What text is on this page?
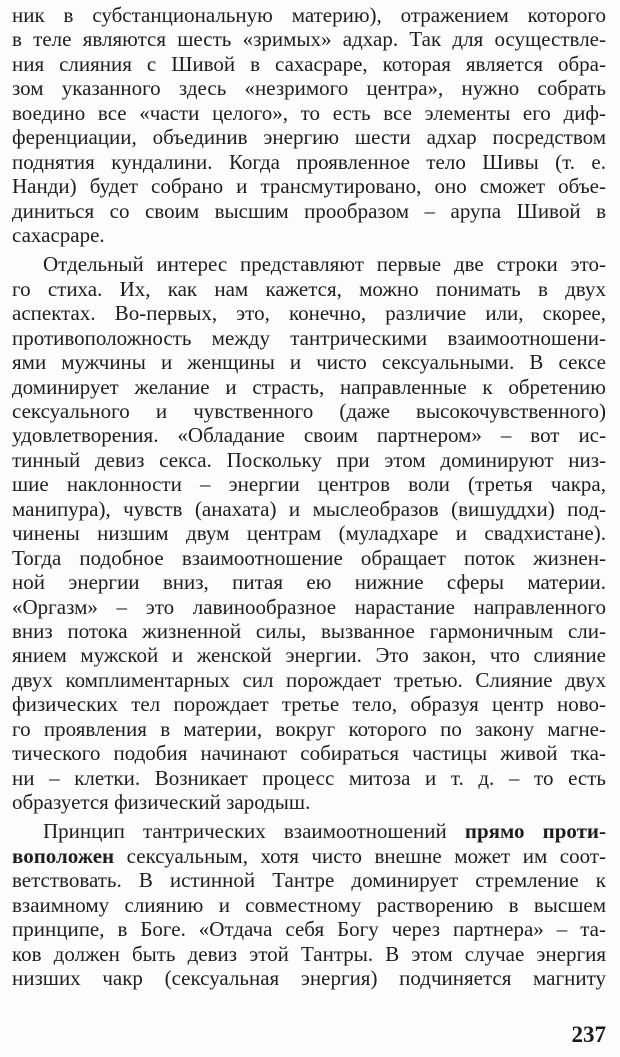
ник в субстанциональную материю), отражением которого
в теле являются шесть «зримых» адхар. Так для осуществле-
ния слияния с Шивой в сахасраре, которая является обра-
зом указанного здесь «незримого центра», нужно собрать
воедино все «части целого», то есть все элементы его диф-
ференциации, объединив энергию шести адхар посредством
поднятия кундалини. Когда проявленное тело Шивы (т. е.
Нанди) будет собрано и трансмутировано, оно сможет объе-
диниться со своим высшим прообразом – арупа Шивой в
сахасраре.
Отдельный интерес представляют первые две строки это-
го стиха. Их, как нам кажется, можно понимать в двух
аспектах. Во-первых, это, конечно, различие или, скорее,
противоположность между тантрическими взаимоотношени-
ями мужчины и женщины и чисто сексуальными. В сексе
доминирует желание и страсть, направленные к обретению
сексуального и чувственного (даже высокочувственного)
удовлетворения. «Обладание своим партнером» – вот ис-
тинный девиз секса. Поскольку при этом доминируют низ-
шие наклонности – энергии центров воли (третья чакра,
манипура), чувств (анахата) и мыслеобразов (вишуддхи) под-
чинены низшим двум центрам (муладхаре и свадхистане).
Тогда подобное взаимоотношение обращает поток жизнен-
ной энергии вниз, питая ею нижние сферы материи.
«Оргазм» – это лавинообразное нарастание направленного
вниз потока жизненной силы, вызванное гармоничным сли-
янием мужской и женской энергии. Это закон, что слияние
двух комплиментарных сил порождает третью. Слияние двух
физических тел порождает третье тело, образуя центр ново-
го проявления в материи, вокруг которого по закону магне-
тического подобия начинают собираться частицы живой тка-
ни – клетки. Возникает процесс митоза и т. д. – то есть
образуется физический зародыш.
Принцип тантрических взаимоотношений прямо проти-
воположен сексуальным, хотя чисто внешне может им соот-
ветствовать. В истинной Тантре доминирует стремление к
взаимному слиянию и совместному растворению в высшем
принципе, в Боге. «Отдача себя Богу через партнера» – та-
ков должен быть девиз этой Тантры. В этом случае энергия
низших чакр (сексуальная энергия) подчиняется магниту
237
